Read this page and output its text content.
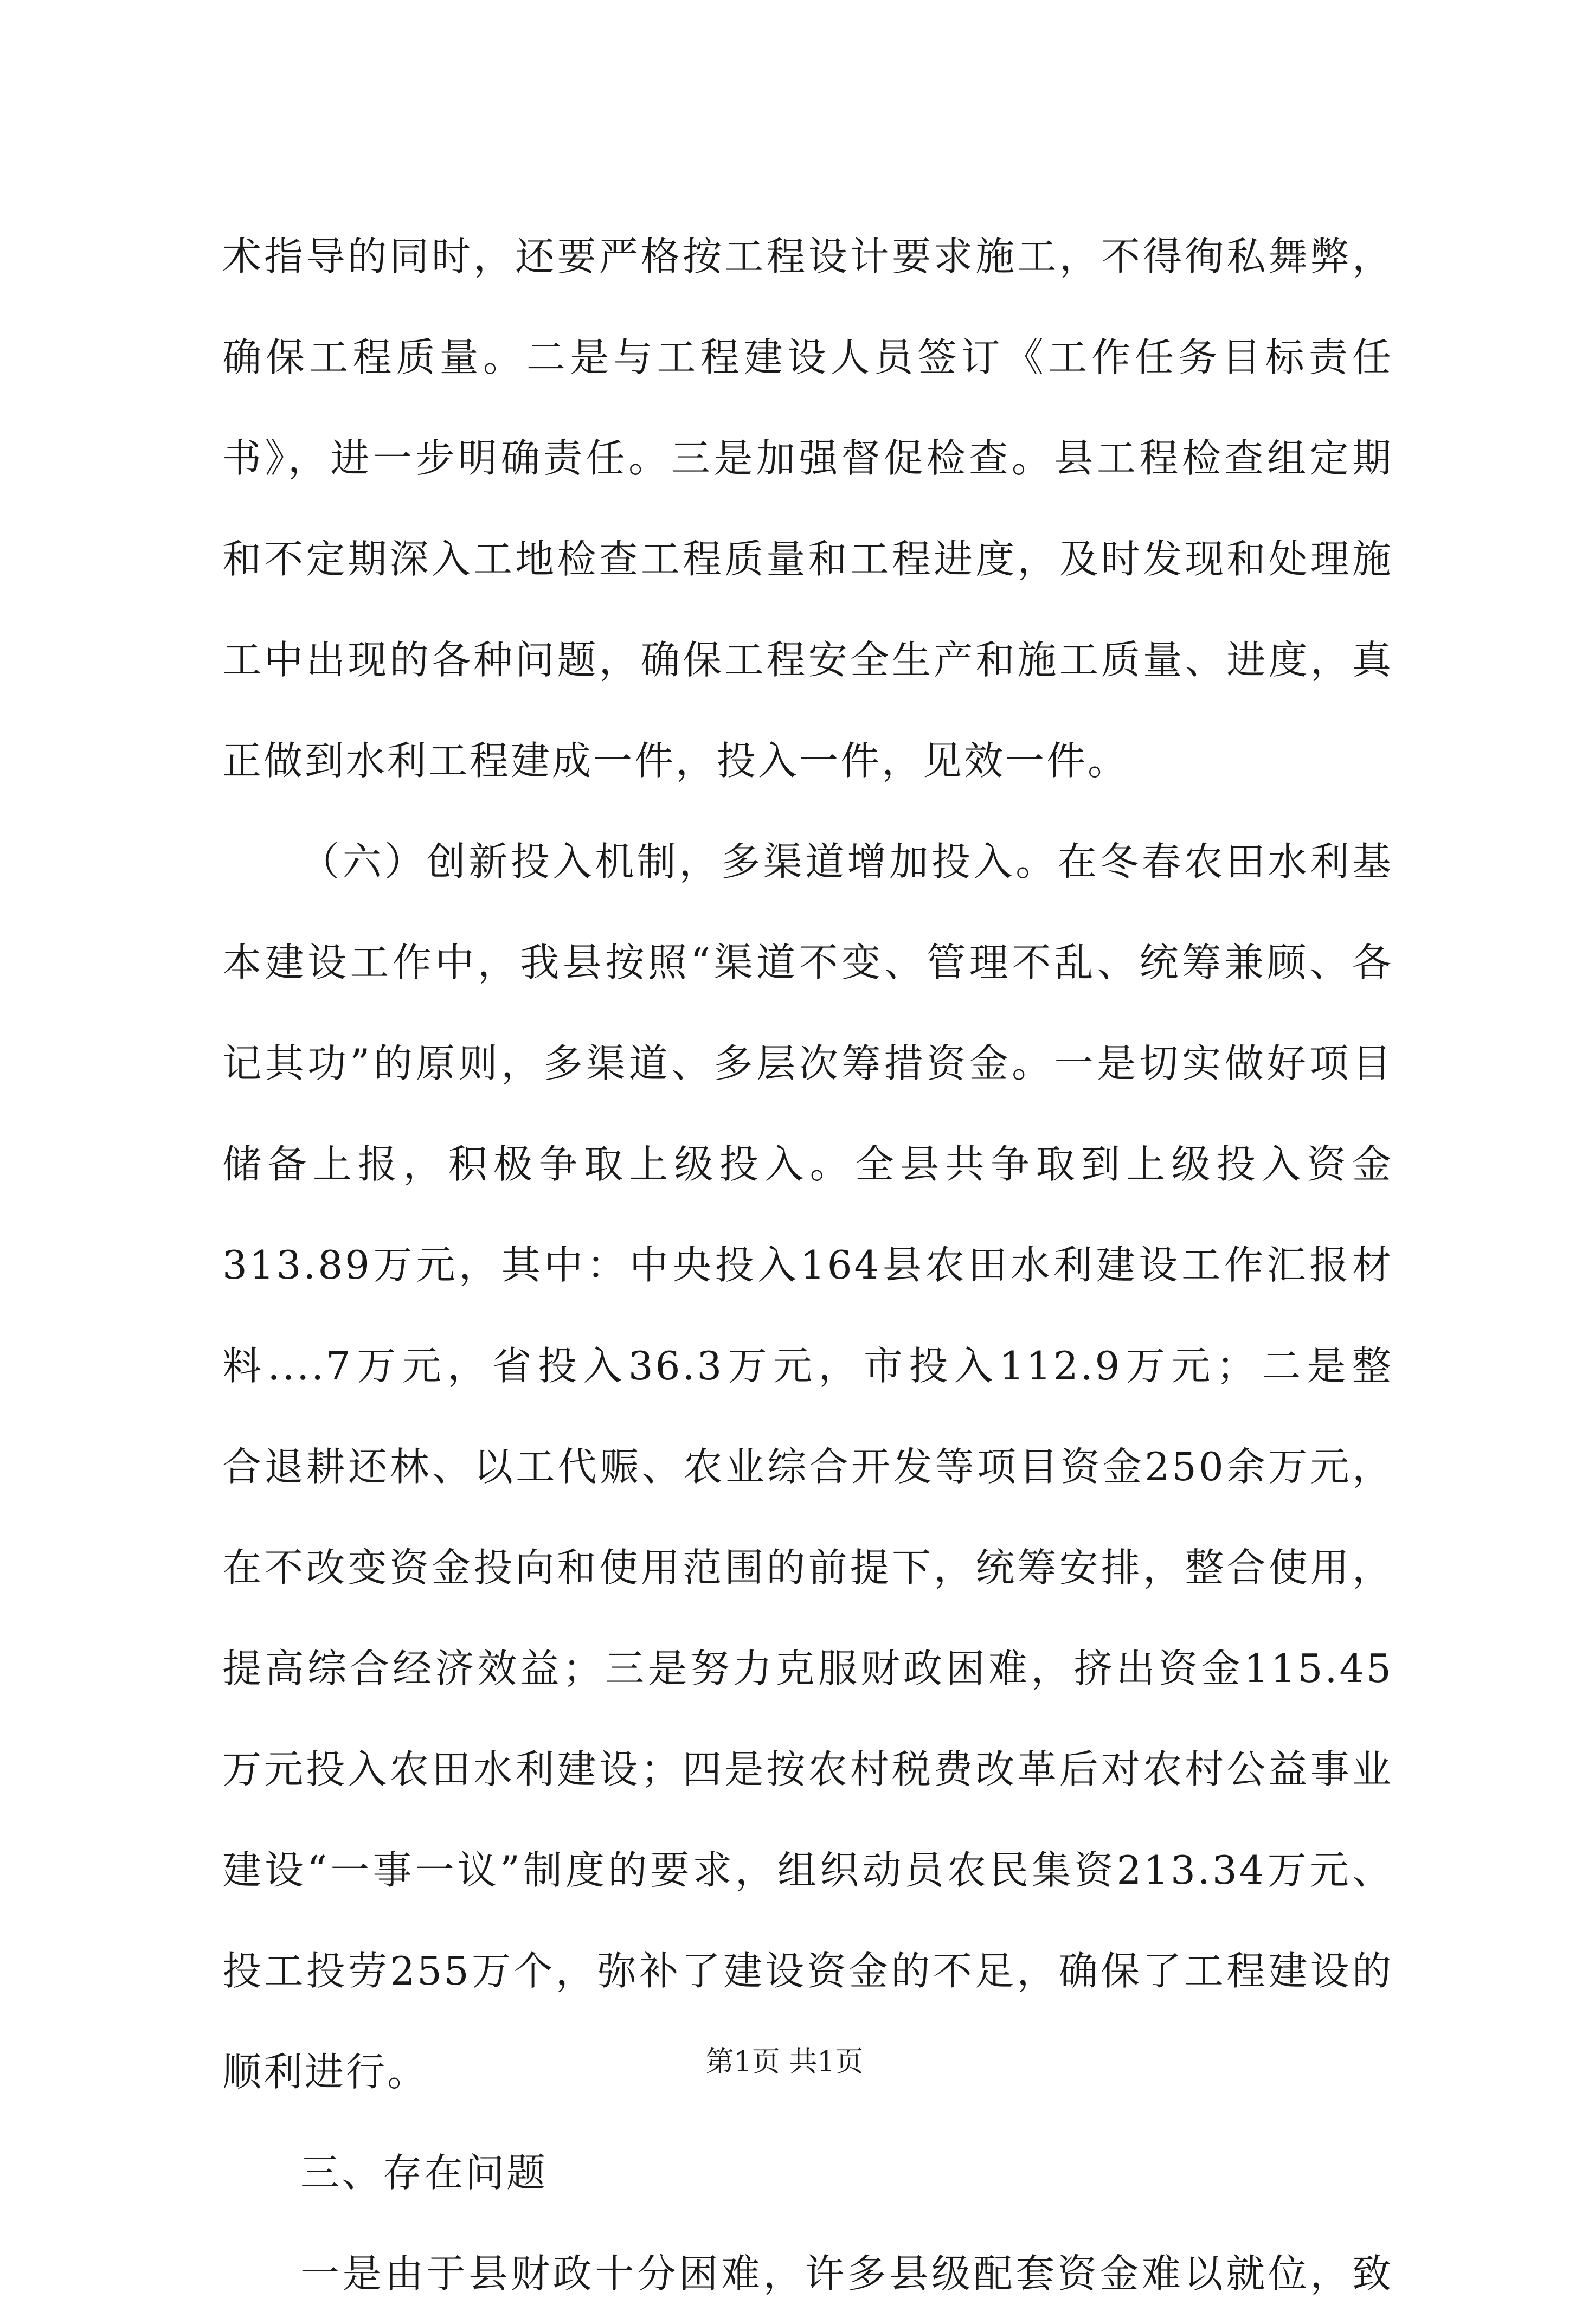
术指导的同时，还要严格按工程设计要求施工，不得徇私舞弊，
确保工程质量。二是与工程建设人员签订《工作任务目标责任
书》，进一步明确责任。三是加强督促检查。县工程检查组定期
和不定期深入工地检查工程质量和工程进度，及时发现和处理施
工中出现的各种问题，确保工程安全生产和施工质量、进度，真
正做到水利工程建成一件，投入一件，见效一件。
（六）创新投入机制，多渠道增加投入。在冬春农田水利基
本建设工作中，我县按照“渠道不变、管理不乱、统筹兼顾、各
记其功”的原则，多渠道、多层次筹措资金。一是切实做好项目
储备上报，积极争取上级投入。全县共争取到上级投入资金
313.89万元，其中：中央投入164县农田水利建设工作汇报材
料....7万元，省投入36.3万元，市投入112.9万元；二是整
合退耕还林、以工代赈、农业综合开发等项目资金250余万元，
在不改变资金投向和使用范围的前提下，统筹安排，整合使用，
提高综合经济效益；三是努力克服财政困难，挤出资金115.45
万元投入农田水利建设；四是按农村税费改革后对农村公益事业
建设“一事一议”制度的要求，组织动员农民集资213.34万元、
投工投劳255万个，弥补了建设资金的不足，确保了工程建设的
顺利进行。
三、存在问题
一是由于县财政十分困难，许多县级配套资金难以就位，致
第1页 共1页
